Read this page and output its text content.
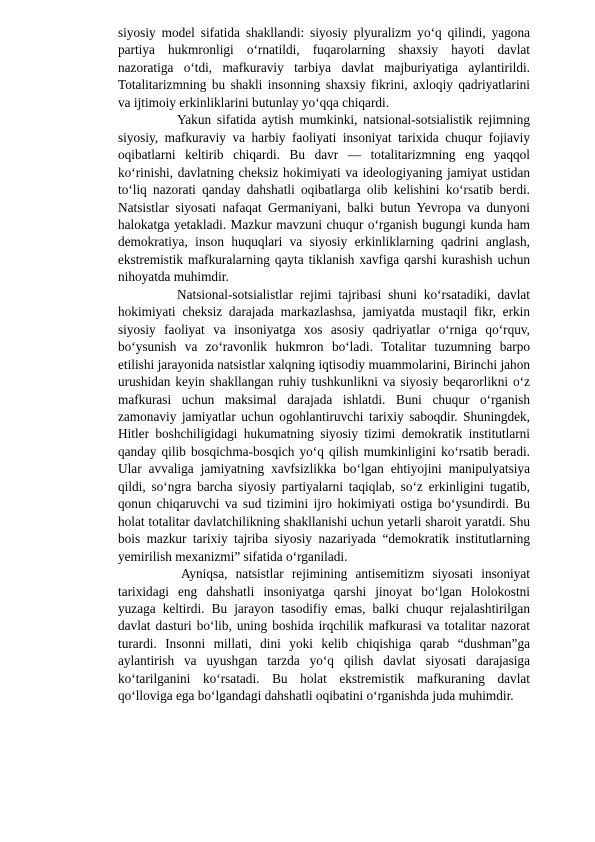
siyosiy model sifatida shakllandi: siyosiy plyuralizm yo‘q qilindi, yagona partiya hukmronligi o‘rnatildi, fuqarolarning shaxsiy hayoti davlat nazoratiga o‘tdi, mafkuraviy tarbiya davlat majburiyatiga aylantirildi. Totalitarizmning bu shakli insonning shaxsiy fikrini, axloqiy qadriyatlarini va ijtimoiy erkinliklarini butunlay yo‘qqa chiqardi.

Yakun sifatida aytish mumkinki, natsional-sotsialistik rejimning siyosiy, mafkuraviy va harbiy faoliyati insoniyat tarixida chuqur fojiaviy oqibatlarni keltirib chiqardi. Bu davr — totalitarizmning eng yaqqol ko‘rinishi, davlatning cheksiz hokimiyati va ideologiyaning jamiyat ustidan to‘liq nazorati qanday dahshatli oqibatlarga olib kelishini ko‘rsatib berdi. Natsistlar siyosati nafaqat Germaniyani, balki butun Yevropa va dunyoni halokatga yetakladi. Mazkur mavzuni chuqur o‘rganish bugungi kunda ham demokratiya, inson huquqlari va siyosiy erkinliklarning qadrini anglash, ekstremistik mafkuralarning qayta tiklanish xavfiga qarshi kurashish uchun nihoyatda muhimdir.

Natsional-sotsialistlar rejimi tajribasi shuni ko‘rsatadiki, davlat hokimiyati cheksiz darajada markazlashsa, jamiyatda mustaqil fikr, erkin siyosiy faoliyat va insoniyatga xos asosiy qadriyatlar o‘rniga qo‘rquv, bo‘ysunish va zo‘ravonlik hukmron bo‘ladi. Totalitar tuzumning barpo etilishi jarayonida natsistlar xalqning iqtisodiy muammolarini, Birinchi jahon urushidan keyin shakllangan ruhiy tushkunlikni va siyosiy beqarorlikni o‘z mafkurasi uchun maksimal darajada ishlatdi. Buni chuqur o‘rganish zamonaviy jamiyatlar uchun ogohlantiruvchi tarixiy saboqdir. Shuningdek, Hitler boshchiligidagi hukumatning siyosiy tizimi demokratik institutlarni qanday qilib bosqichma-bosqich yo‘q qilish mumkinligini ko‘rsatib beradi. Ular avvaliga jamiyatning xavfsizlikka bo‘lgan ehtiyojini manipulyatsiya qildi, so‘ngra barcha siyosiy partiyalarni taqiqlab, so‘z erkinligini tugatib, qonun chiqaruvchi va sud tizimini ijro hokimiyati ostiga bo‘ysundirdi. Bu holat totalitar davlatchilikning shakllanishi uchun yetarli sharoit yaratdi. Shu bois mazkur tarixiy tajriba siyosiy nazariyada “demokratik institutlarning yemirilish mexanizmi” sifatida o‘rganiladi.

Ayniqsa, natsistlar rejimining antisemitizm siyosati insoniyat tarixidagi eng dahshatli insoniyatga qarshi jinoyat bo‘lgan Holokostni yuzaga keltirdi. Bu jarayon tasodifiy emas, balki chuqur rejalashtirilgan davlat dasturi bo‘lib, uning boshida irqchilik mafkurasi va totalitar nazorat turardi. Insonni millati, dini yoki kelib chiqishiga qarab “dushman”ga aylantirish va uyushgan tarzda yo‘q qilish davlat siyosati darajasiga ko‘tarilganini ko‘rsatadi. Bu holat ekstremistik mafkuraning davlat qo‘lloviga ega bo‘lgandagi dahshatli oqibatini o‘rganishda juda muhimdir.
